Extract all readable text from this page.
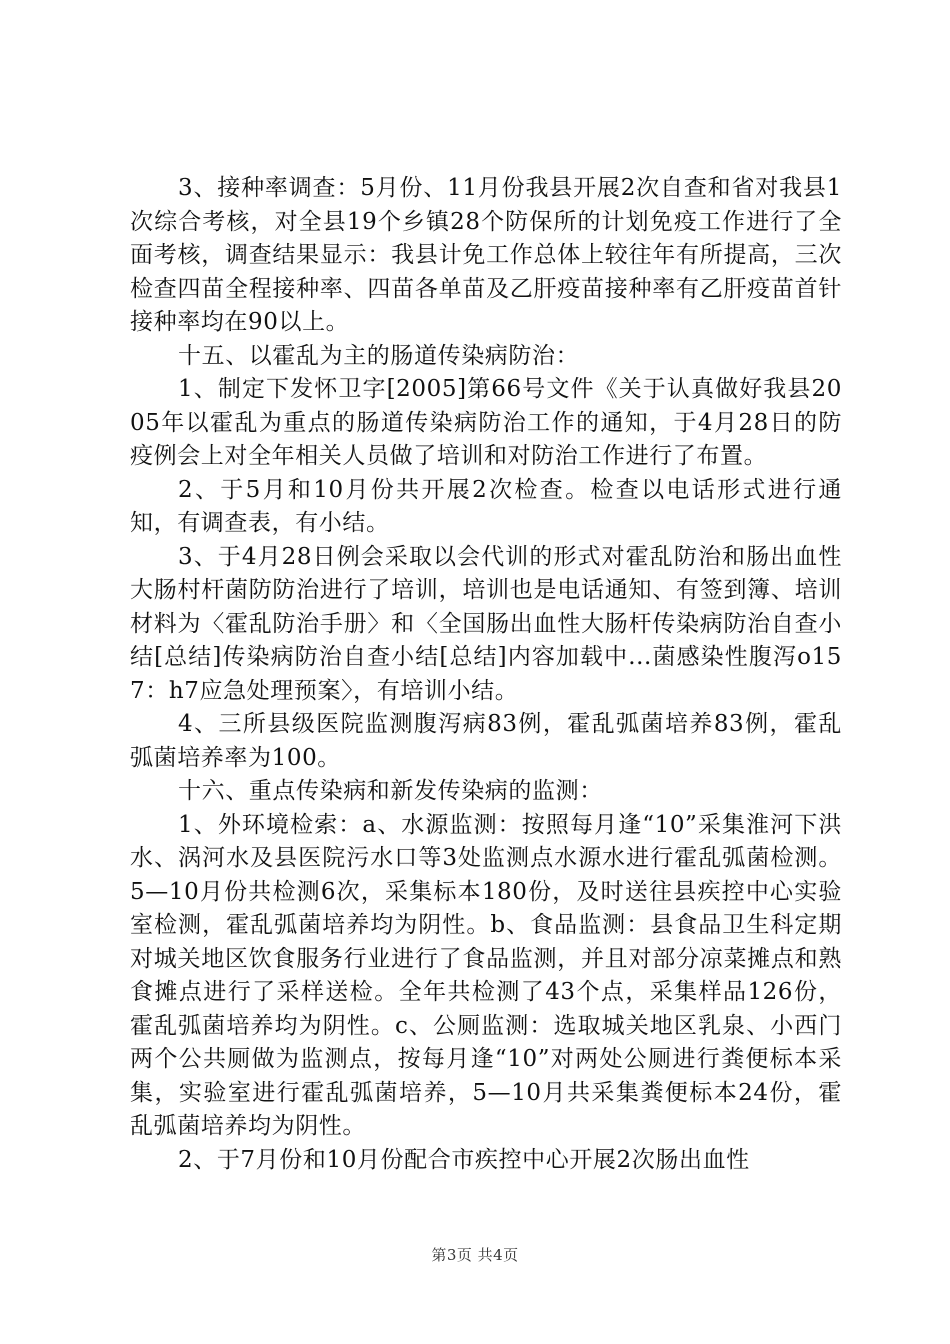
3、接种率调查：5月份、11月份我县开展2次自查和省对我县1次综合考核，对全县19个乡镇28个防保所的计划免疫工作进行了全面考核，调查结果显示：我县计免工作总体上较往年有所提高，三次检查四苗全程接种率、四苗各单苗及乙肝疫苗接种率有乙肝疫苗首针接种率均在90以上。

十五、以霍乱为主的肠道传染病防治：

1、制定下发怀卫字[2005]第66号文件《关于认真做好我县2005年以霍乱为重点的肠道传染病防治工作的通知，于4月28日的防疫例会上对全年相关人员做了培训和对防治工作进行了布置。

2、于5月和10月份共开展2次检查。检查以电话形式进行通知，有调查表，有小结。

3、于4月28日例会采取以会代训的形式对霍乱防治和肠出血性大肠村杆菌防防治进行了培训，培训也是电话通知、有签到簿、培训材料为〈霍乱防治手册〉和〈全国肠出血性大肠杆传染病防治自查小结[总结]传染病防治自查小结[总结]内容加载中...菌感染性腹泻o157：h7应急处理预案〉，有培训小结。

4、三所县级医院监测腹泻病83例，霍乱弧菌培养83例，霍乱弧菌培养率为100。

十六、重点传染病和新发传染病的监测：

1、外环境检索：a、水源监测：按照每月逢“10”采集淮河下洪水、涡河水及县医院污水口等3处监测点水源水进行霍乱弧菌检测。5—10月份共检测6次，采集标本180份，及时送往县疾控中心实验室检测，霍乱弧菌培养均为阴性。b、食品监测：县食品卫生科定期对城关地区饮食服务行业进行了食品监测，并且对部分凉菜摊点和熟食摊点进行了采样送检。全年共检测了43个点，采集样品126份，霍乱弧菌培养均为阴性。c、公厕监测：选取城关地区乳泉、小西门两个公共厕做为监测点，按每月逢“10”对两处公厕进行粪便标本采集，实验室进行霍乱弧菌培养，5—10月共采集粪便标本24份，霍乱弧菌培养均为阴性。

2、于7月份和10月份配合市疾控中心开展2次肠出血性

第3页 共4页
